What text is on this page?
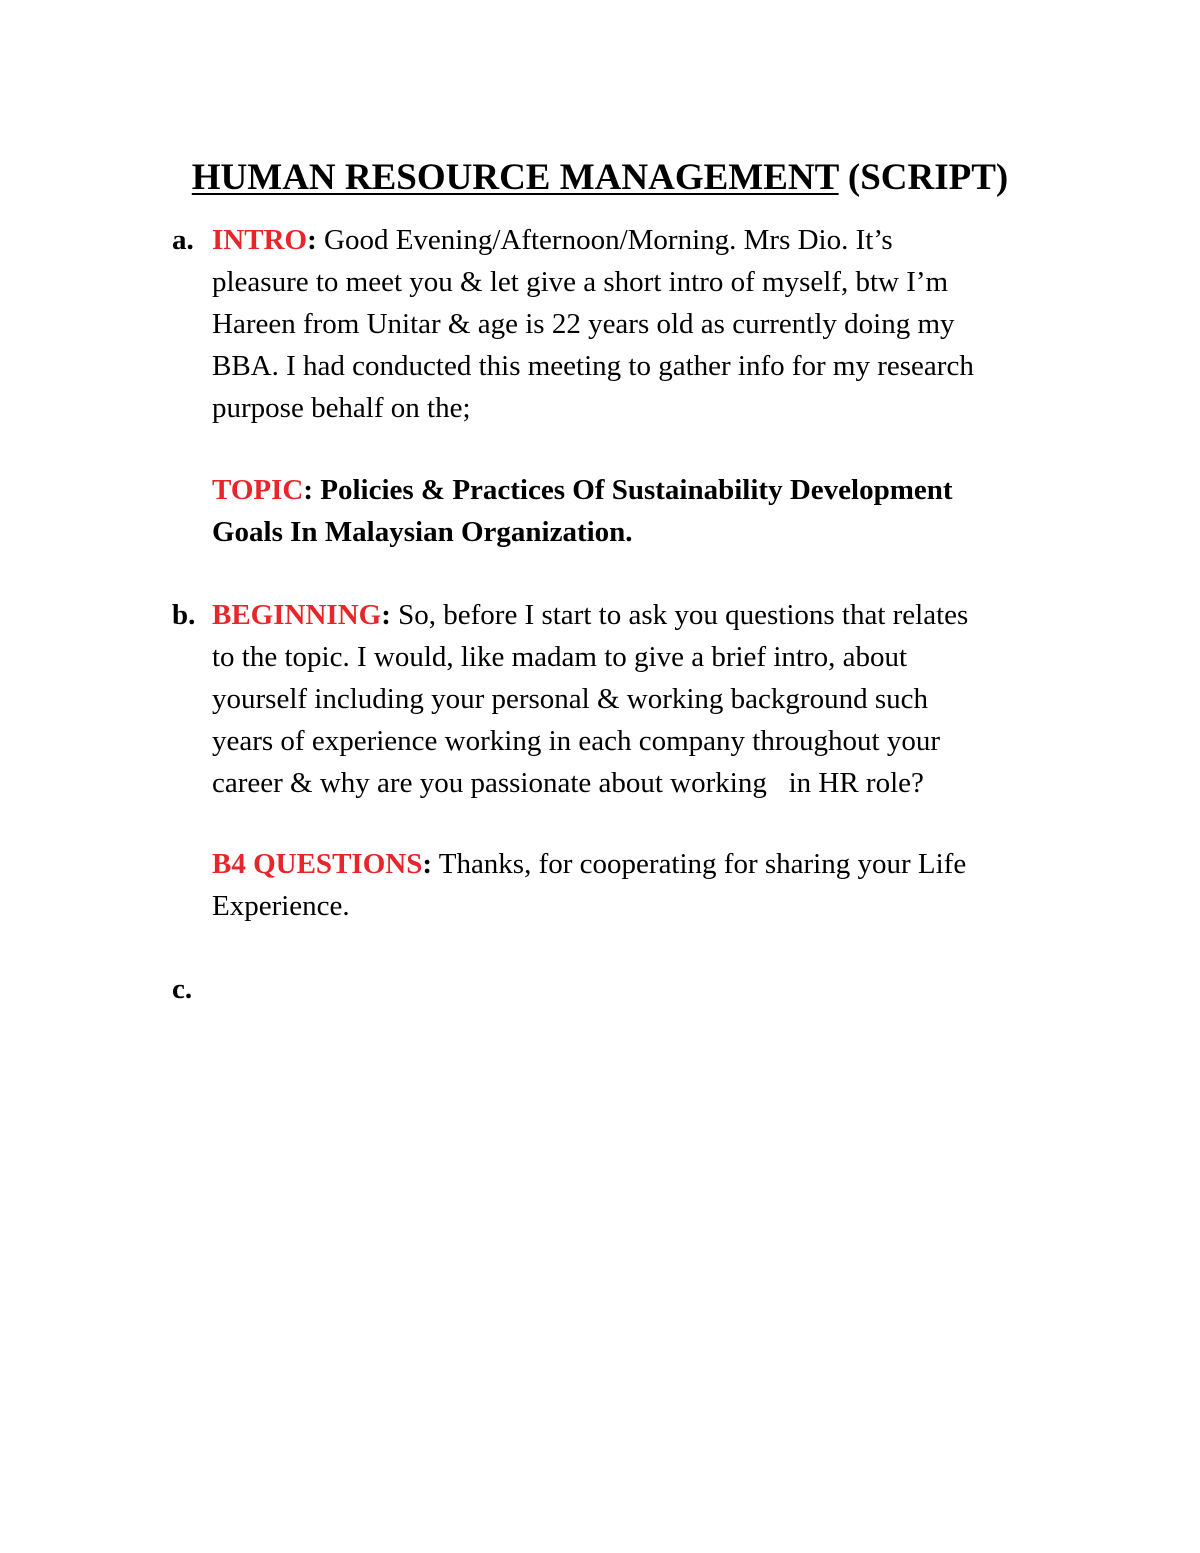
HUMAN RESOURCE MANAGEMENT (SCRIPT)
a. INTRO: Good Evening/Afternoon/Morning. Mrs Dio. It’s
pleasure to meet you & let give a short intro of myself, btw I’m
Hareen from Unitar & age is 22 years old as currently doing my
BBA. I had conducted this meeting to gather info for my research
purpose behalf on the;
TOPIC: Policies & Practices Of Sustainability Development
Goals In Malaysian Organization.
b. BEGINNING: So, before I start to ask you questions that relates
to the topic. I would, like madam to give a brief intro, about
yourself including your personal & working background such
years of experience working in each company throughout your
career & why are you passionate about working   in HR role?
B4 QUESTIONS: Thanks, for cooperating for sharing your Life
Experience.
c.
